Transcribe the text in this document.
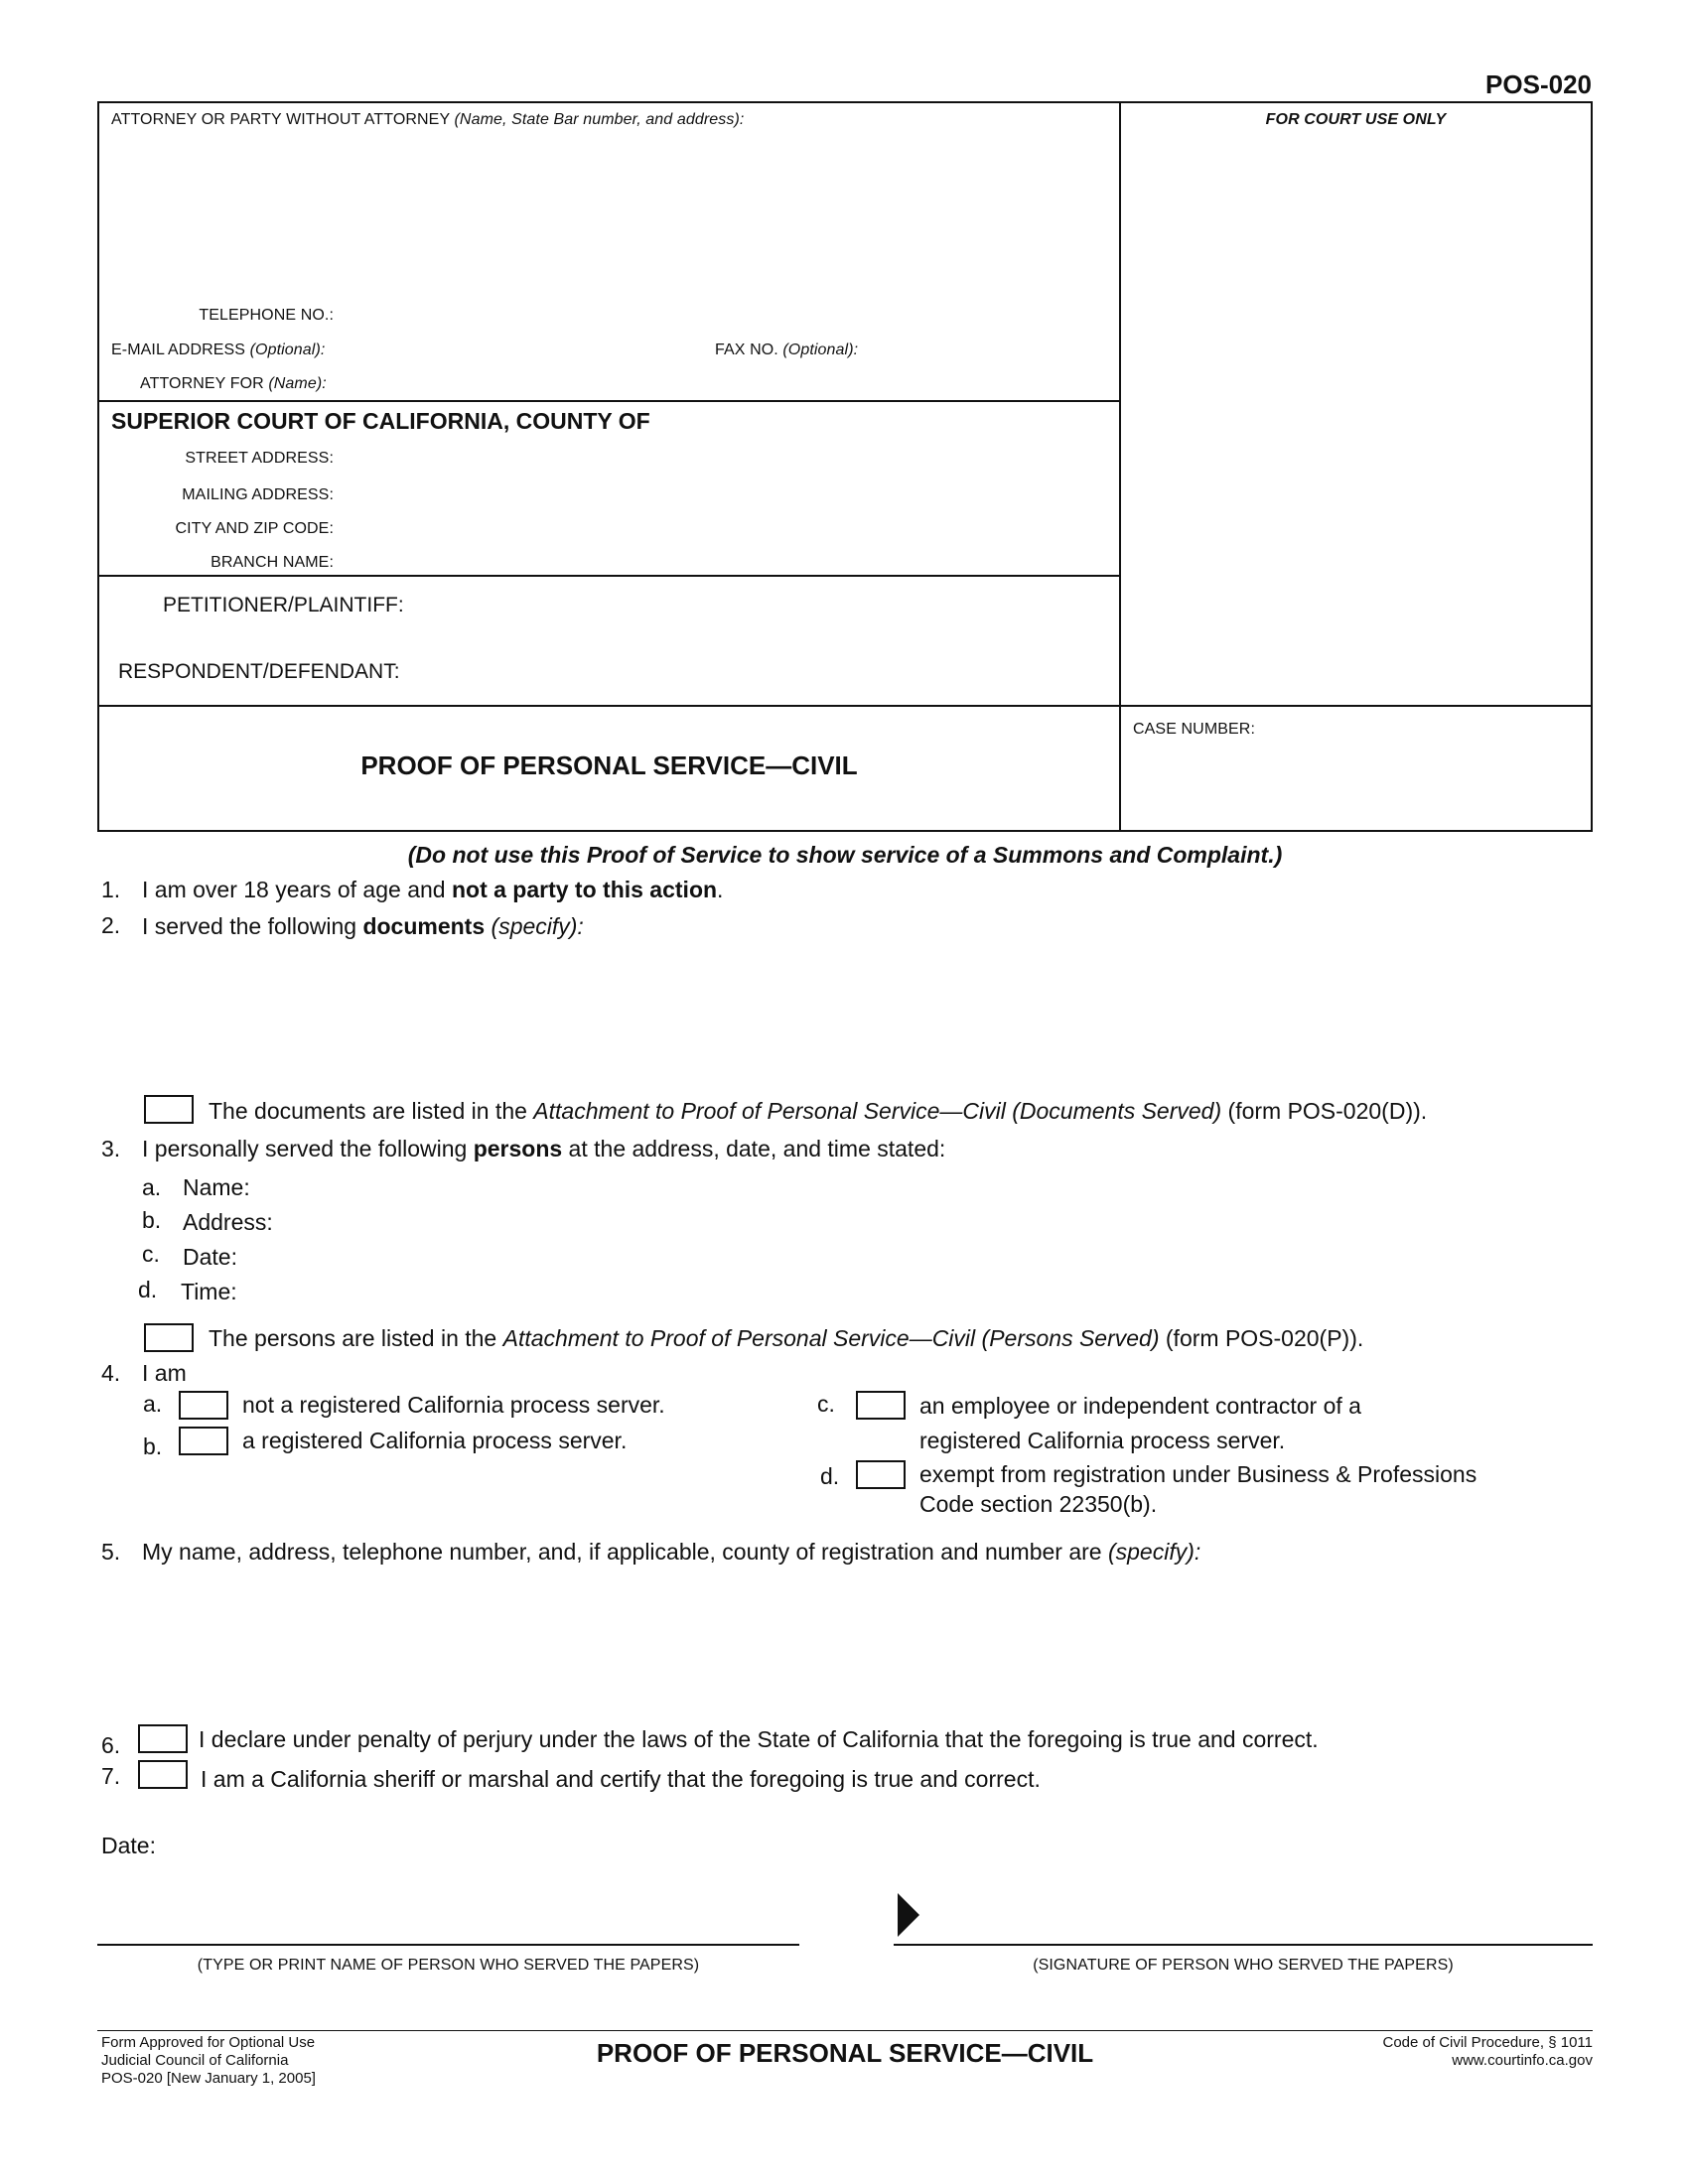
POS-020
ATTORNEY OR PARTY WITHOUT ATTORNEY (Name, State Bar number, and address):	FOR COURT USE ONLY
TELEPHONE NO.:
E-MAIL ADDRESS (Optional):	FAX NO. (Optional):
ATTORNEY FOR (Name):
SUPERIOR COURT OF CALIFORNIA, COUNTY OF
STREET ADDRESS:
MAILING ADDRESS:
CITY AND ZIP CODE:
BRANCH NAME:
PETITIONER/PLAINTIFF:
RESPONDENT/DEFENDANT:
PROOF OF PERSONAL SERVICE—CIVIL
CASE NUMBER:
(Do not use this Proof of Service to show service of a Summons and Complaint.)
1. I am over 18 years of age and not a party to this action.
2. I served the following documents (specify):
The documents are listed in the Attachment to Proof of Personal Service—Civil (Documents Served) (form POS-020(D)).
3. I personally served the following persons at the address, date, and time stated:
a. Name:
b. Address:
c. Date:
d. Time:
The persons are listed in the Attachment to Proof of Personal Service—Civil (Persons Served) (form POS-020(P)).
4. I am
a.	not a registered California process server.
b.	a registered California process server.
c.	an employee or independent contractor of a
registered California process server.
d.	exempt from registration under Business & Professions
Code section 22350(b).
5. My name, address, telephone number, and, if applicable, county of registration and number are (specify):
6.	I declare under penalty of perjury under the laws of the State of California that the foregoing is true and correct.
7.	I am a California sheriff or marshal and certify that the foregoing is true and correct.
Date:
(TYPE OR PRINT NAME OF PERSON WHO SERVED THE PAPERS)	(SIGNATURE OF PERSON WHO SERVED THE PAPERS)
Form Approved for Optional Use
Judicial Council of California
POS-020 [New January 1, 2005]
PROOF OF PERSONAL SERVICE—CIVIL	Code of Civil Procedure, § 1011
www.courtinfo.ca.gov
